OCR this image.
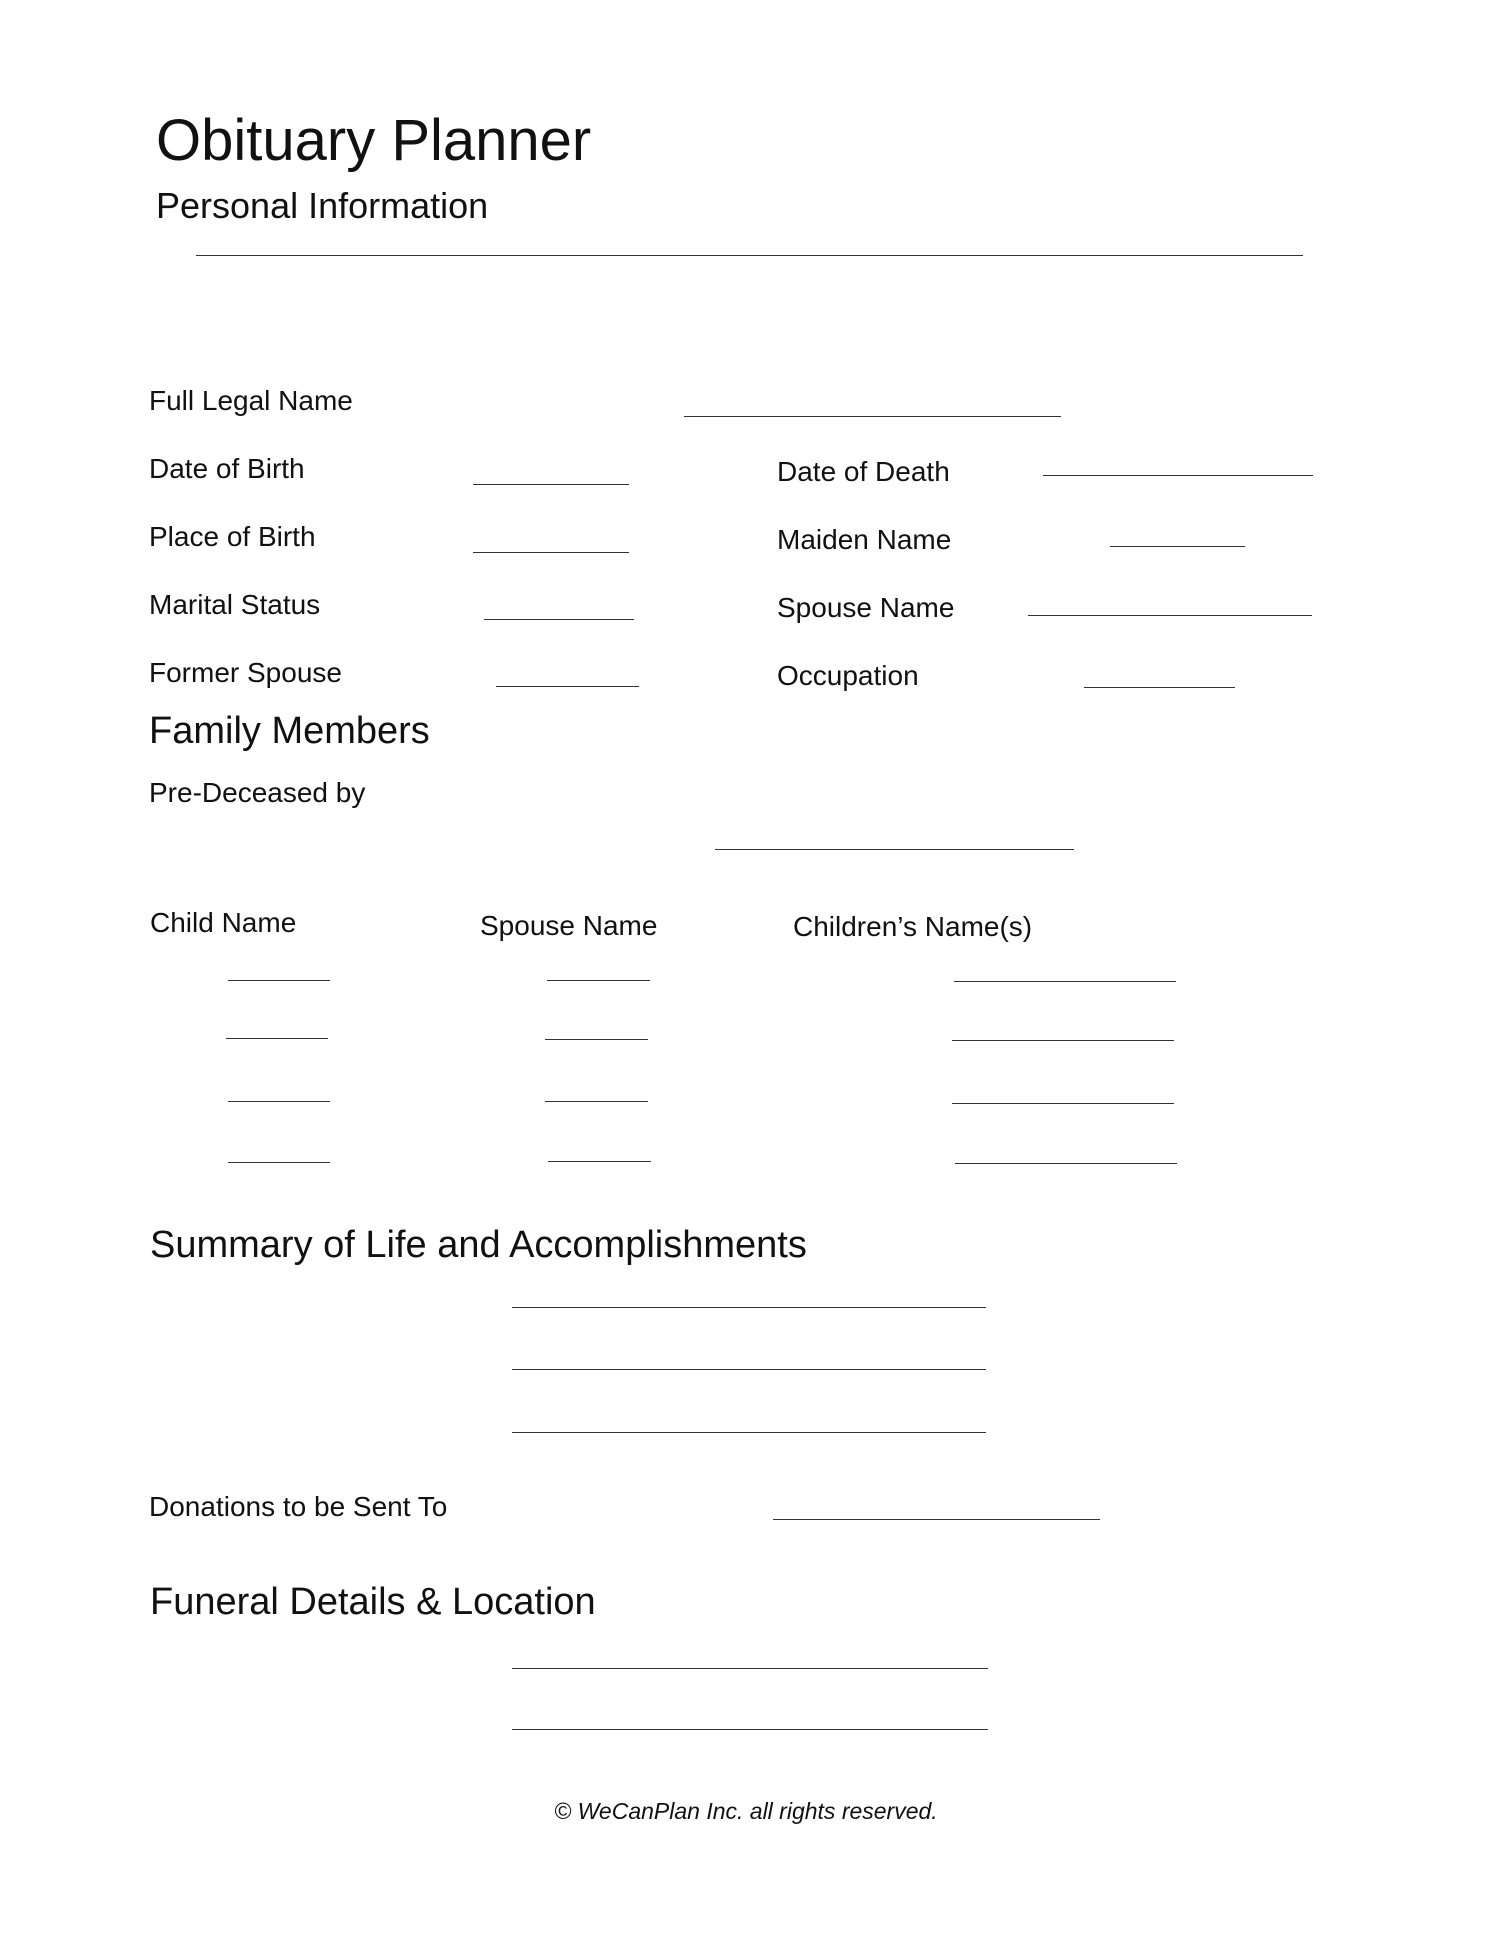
Obituary Planner
Personal Information
Full Legal Name
Date of Birth	Date of Death
Place of Birth	Maiden Name
Marital Status	Spouse Name
Former Spouse	Occupation
Family Members
Pre-Deceased by
Child Name	Spouse Name	Children’s Name(s)
Summary of Life and Accomplishments
Donations to be Sent To
Funeral Details & Location
© WeCanPlan Inc. all rights reserved.
